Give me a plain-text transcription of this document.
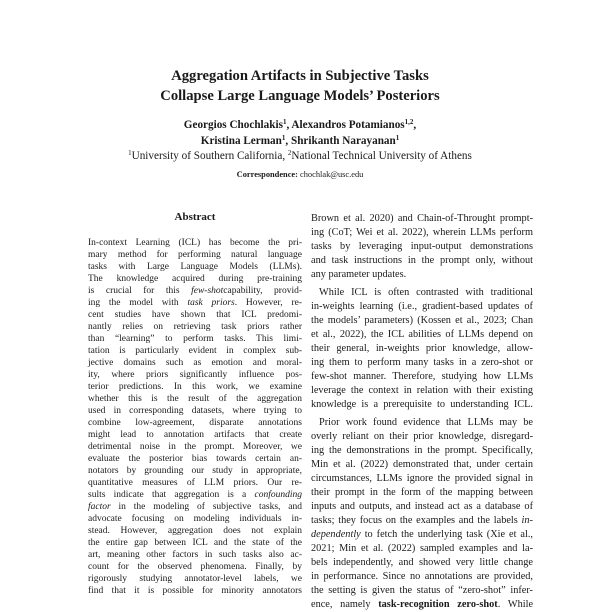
Aggregation Artifacts in Subjective Tasks
Collapse Large Language Models’ Posteriors
Georgios Chochlakis$^1$, Alexandros Potamianos$^{1,2}$,
Kristina Lerman$^1$, Shrikanth Narayanan$^1$
$^1$University of Southern California, $^2$National Technical University of Athens
Correspondence: chochlak@usc.edu
Abstract
In-context Learning (ICL) has become the pri-
mary method for performing natural language
tasks with Large Language Models (LLMs).
The knowledge acquired during pre-training
is crucial for this few-shotcapability, provid-
ing the model with task priors. However, re-
cent studies have shown that ICL predomi-
nantly relies on retrieving task priors rather
than “learning” to perform tasks. This limi-
tation is particularly evident in complex sub-
jective domains such as emotion and moral-
ity, where priors significantly influence pos-
terior predictions. In this work, we examine
whether this is the result of the aggregation
used in corresponding datasets, where trying to
combine low-agreement, disparate annotations
might lead to annotation artifacts that create
detrimental noise in the prompt. Moreover, we
evaluate the posterior bias towards certain an-
notators by grounding our study in appropriate,
quantitative measures of LLM priors. Our re-
sults indicate that aggregation is a confounding
factor in the modeling of subjective tasks, and
advocate focusing on modeling individuals in-
stead. However, aggregation does not explain
the entire gap between ICL and the state of the
art, meaning other factors in such tasks also ac-
count for the observed phenomena. Finally, by
rigorously studying annotator-level labels, we
find that it is possible for minority annotators
Brown et al. 2020) and Chain-of-Throught prompt-
ing (CoT; Wei et al. 2022), wherein LLMs perform
tasks by leveraging input-output demonstrations
and task instructions in the prompt only, without
any parameter updates.
While ICL is often contrasted with traditional
in-weights learning (i.e., gradient-based updates of
the models’ parameters) (Kossen et al., 2023; Chan
et al., 2022), the ICL abilities of LLMs depend on
their general, in-weights prior knowledge, allow-
ing them to perform many tasks in a zero-shot or
few-shot manner. Therefore, studying how LLMs
leverage the context in relation with their existing
knowledge is a prerequisite to understanding ICL.
Prior work found evidence that LLMs may be
overly reliant on their prior knowledge, disregard-
ing the demonstrations in the prompt. Specifically,
Min et al. (2022) demonstrated that, under certain
circumstances, LLMs ignore the provided signal in
their prompt in the form of the mapping between
inputs and outputs, and instead act as a database of
tasks; they focus on the examples and the labels in-
dependently to fetch the underlying task (Xie et al.,
2021; Min et al. (2022) sampled examples and la-
bels independently, and showed very little change
in performance. Since no annotations are provided,
the setting is given the status of “zero-shot” infer-
ence, namely task-recognition zero-shot. While
